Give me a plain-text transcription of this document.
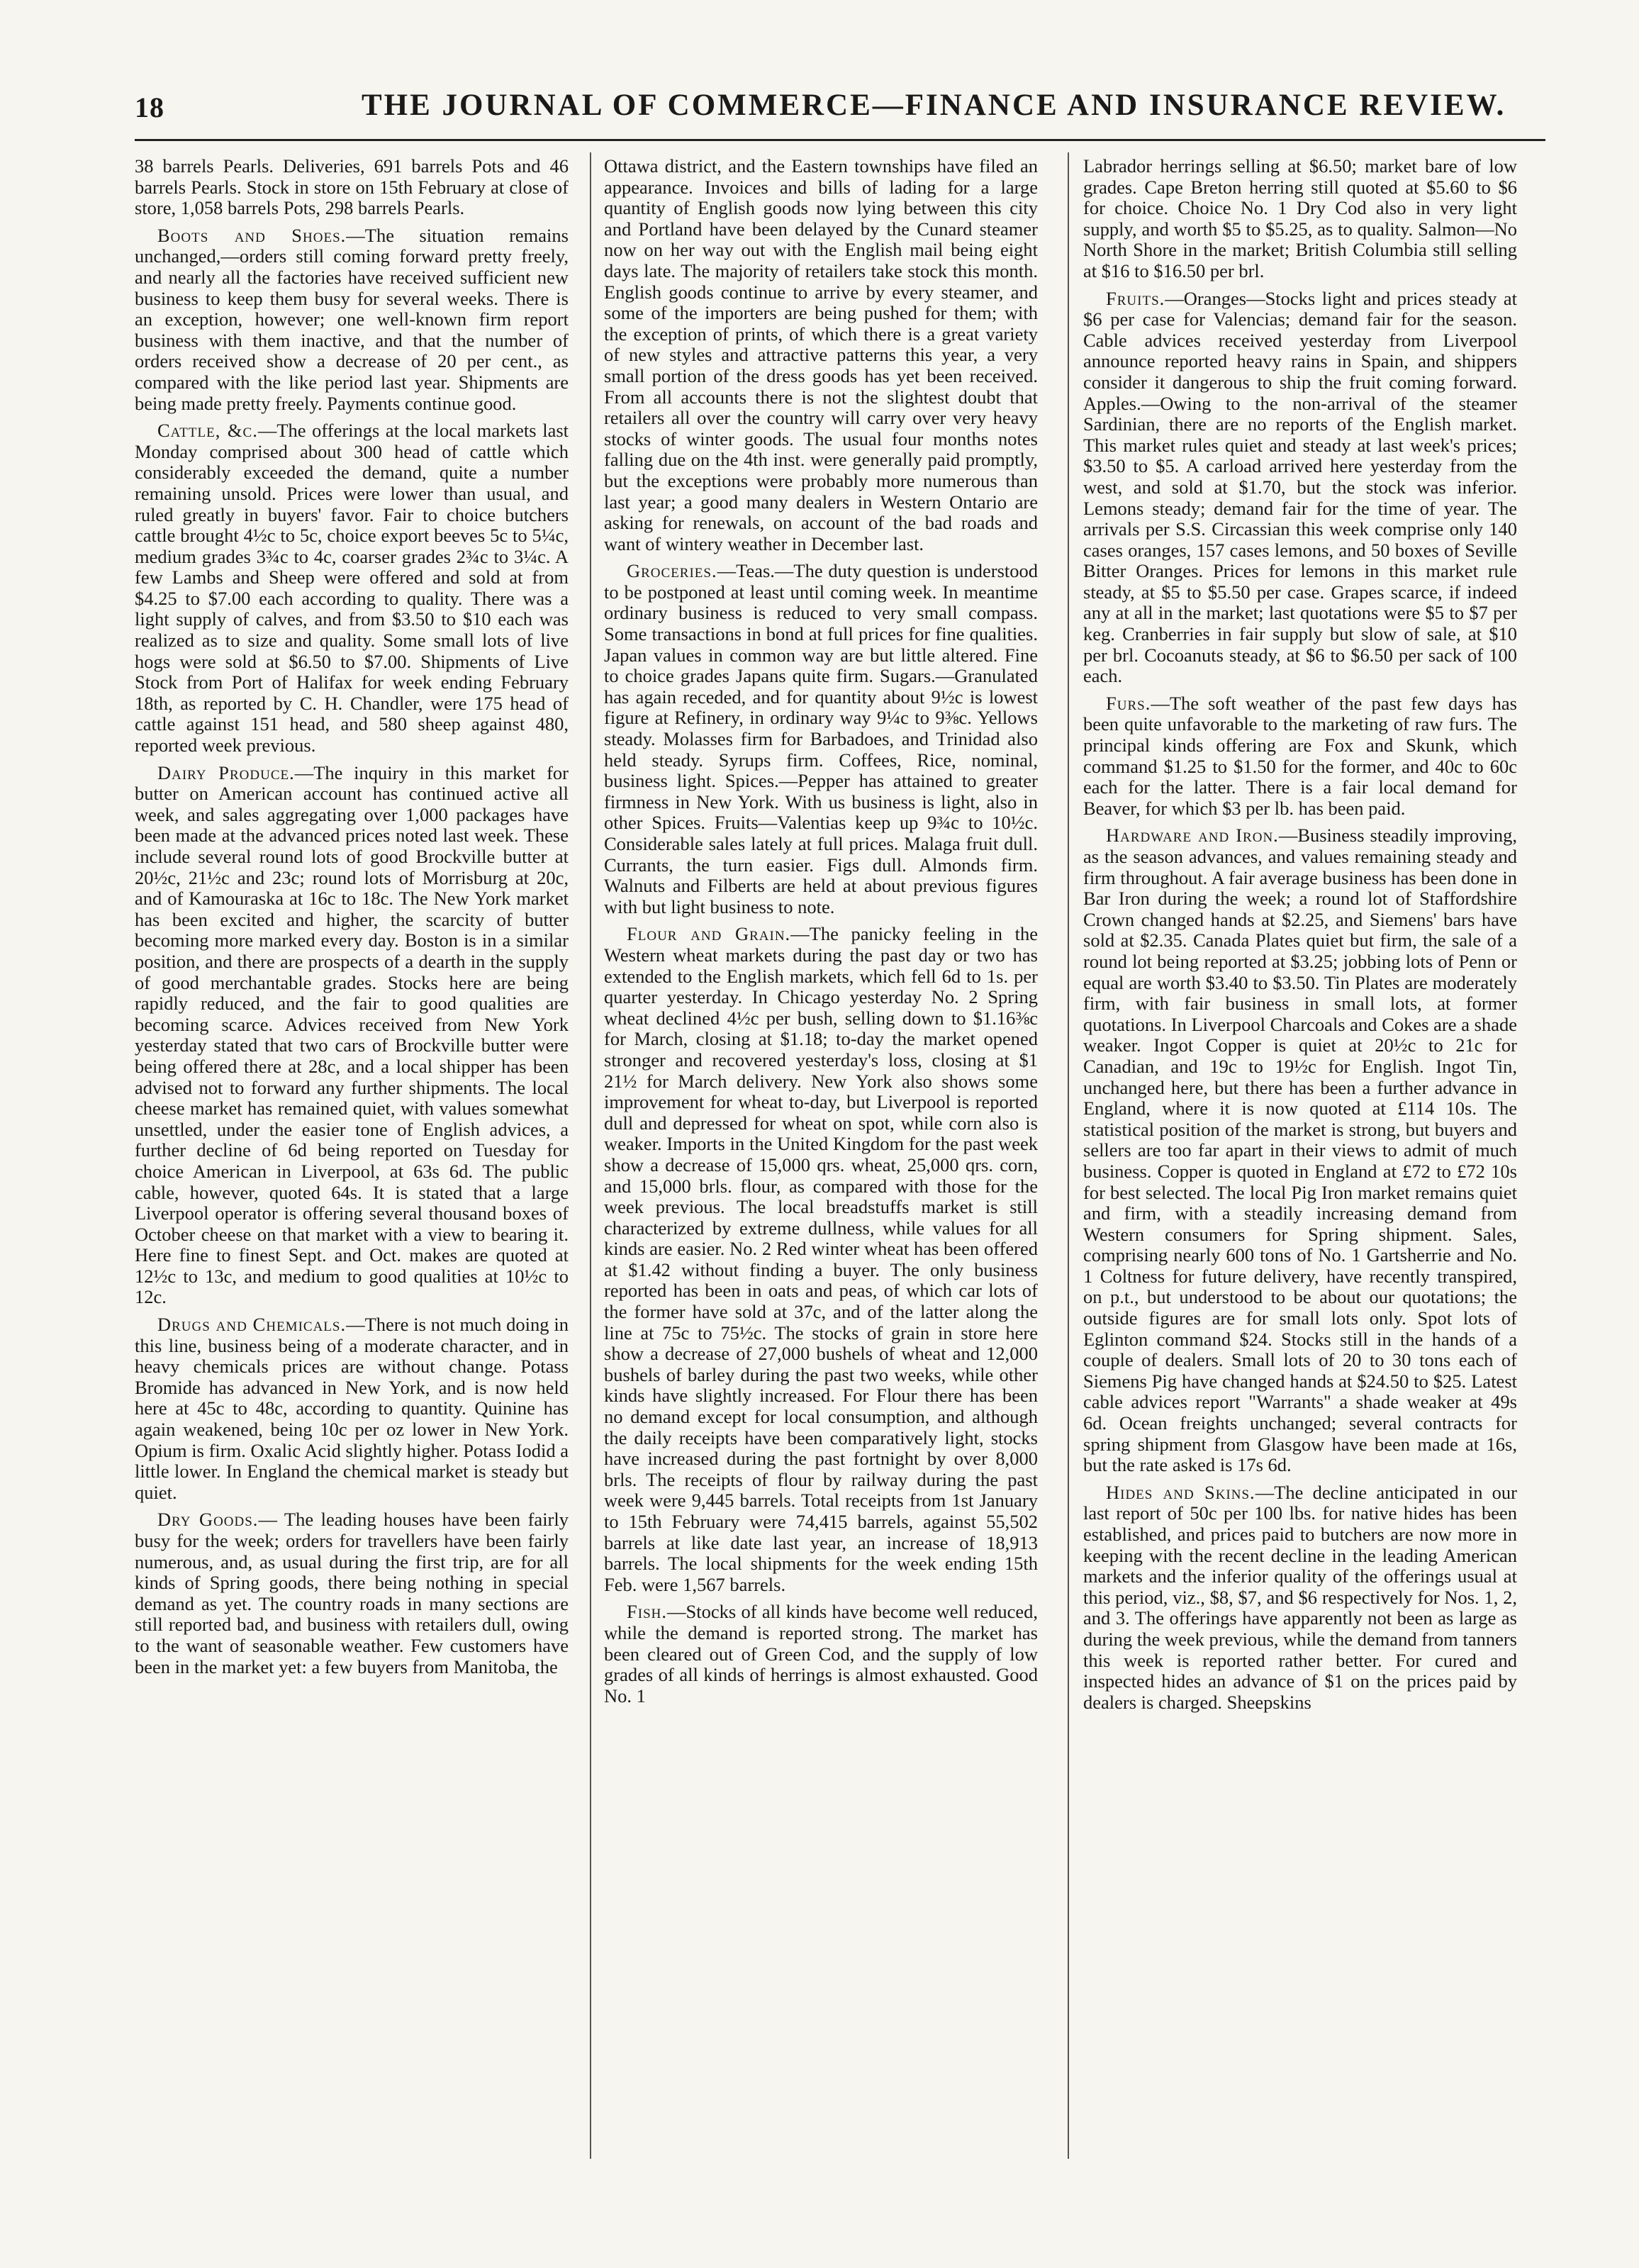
18	THE JOURNAL OF COMMERCE—FINANCE AND INSURANCE REVIEW.

38 barrels Pearls. Deliveries, 691 barrels Pots and 46 barrels Pearls. Stock in store on 15th February at close of store, 1,058 barrels Pots, 298 barrels Pearls.

Boots and Shoes.—The situation remains unchanged,—orders still coming forward pretty freely, and nearly all the factories have received sufficient new business to keep them busy for several weeks. There is an exception, however; one well-known firm report business with them inactive, and that the number of orders received show a decrease of 20 per cent., as compared with the like period last year. Shipments are being made pretty freely. Payments continue good.

Cattle, &c.—The offerings at the local markets last Monday comprised about 300 head of cattle which considerably exceeded the demand, quite a number remaining unsold. Prices were lower than usual, and ruled greatly in buyers' favor. Fair to choice butchers cattle brought 4½c to 5c, choice export beeves 5c to 5¼c, medium grades 3¾c to 4c, coarser grades 2¾c to 3¼c. A few Lambs and Sheep were offered and sold at from $4.25 to $7.00 each according to quality. There was a light supply of calves, and from $3.50 to $10 each was realized as to size and quality. Some small lots of live hogs were sold at $6.50 to $7.00. Shipments of Live Stock from Port of Halifax for week ending February 18th, as reported by C. H. Chandler, were 175 head of cattle against 151 head, and 580 sheep against 480, reported week previous.

Dairy Produce.—The inquiry in this market for butter on American account has continued active all week, and sales aggregating over 1,000 packages have been made at the advanced prices noted last week. These include several round lots of good Brockville butter at 20½c, 21½c and 23c; round lots of Morrisburg at 20c, and of Kamouraska at 16c to 18c. The New York market has been excited and higher, the scarcity of butter becoming more marked every day. Boston is in a similar position, and there are prospects of a dearth in the supply of good merchantable grades. Stocks here are being rapidly reduced, and the fair to good qualities are becoming scarce. Advices received from New York yesterday stated that two cars of Brockville butter were being offered there at 28c, and a local shipper has been advised not to forward any further shipments. The local cheese market has remained quiet, with values somewhat unsettled, under the easier tone of English advices, a further decline of 6d being reported on Tuesday for choice American in Liverpool, at 63s 6d. The public cable, however, quoted 64s. It is stated that a large Liverpool operator is offering several thousand boxes of October cheese on that market with a view to bearing it. Here fine to finest Sept. and Oct. makes are quoted at 12½c to 13c, and medium to good qualities at 10½c to 12c.

Drugs and Chemicals.—There is not much doing in this line, business being of a moderate character, and in heavy chemicals prices are without change. Potass Bromide has advanced in New York, and is now held here at 45c to 48c, according to quantity. Quinine has again weakened, being 10c per oz lower in New York. Opium is firm. Oxalic Acid slightly higher. Potass Iodid a little lower. In England the chemical market is steady but quiet.

Dry Goods.— The leading houses have been fairly busy for the week; orders for travellers have been fairly numerous, and, as usual during the first trip, are for all kinds of Spring goods, there being nothing in special demand as yet. The country roads in many sections are still reported bad, and business with retailers dull, owing to the want of seasonable weather. Few customers have been in the market yet: a few buyers from Manitoba, the

Ottawa district, and the Eastern townships have filed an appearance. Invoices and bills of lading for a large quantity of English goods now lying between this city and Portland have been delayed by the Cunard steamer now on her way out with the English mail being eight days late. The majority of retailers take stock this month. English goods continue to arrive by every steamer, and some of the importers are being pushed for them; with the exception of prints, of which there is a great variety of new styles and attractive patterns this year, a very small portion of the dress goods has yet been received. From all accounts there is not the slightest doubt that retailers all over the country will carry over very heavy stocks of winter goods. The usual four months notes falling due on the 4th inst. were generally paid promptly, but the exceptions were probably more numerous than last year; a good many dealers in Western Ontario are asking for renewals, on account of the bad roads and want of wintery weather in December last.

Groceries.—Teas.—The duty question is understood to be postponed at least until coming week. In meantime ordinary business is reduced to very small compass. Some transactions in bond at full prices for fine qualities. Japan values in common way are but little altered. Fine to choice grades Japans quite firm. Sugars.—Granulated has again receded, and for quantity about 9½c is lowest figure at Refinery, in ordinary way 9¼c to 9⅜c. Yellows steady. Molasses firm for Barbadoes, and Trinidad also held steady. Syrups firm. Coffees, Rice, nominal, business light. Spices.—Pepper has attained to greater firmness in New York. With us business is light, also in other Spices. Fruits—Valentias keep up 9¾c to 10½c. Considerable sales lately at full prices. Malaga fruit dull. Currants, the turn easier. Figs dull. Almonds firm. Walnuts and Filberts are held at about previous figures with but light business to note.

Flour and Grain.—The panicky feeling in the Western wheat markets during the past day or two has extended to the English markets, which fell 6d to 1s. per quarter yesterday. In Chicago yesterday No. 2 Spring wheat declined 4½c per bush, selling down to $1.16⅜c for March, closing at $1.18; to-day the market opened stronger and recovered yesterday's loss, closing at $1 21½ for March delivery. New York also shows some improvement for wheat to-day, but Liverpool is reported dull and depressed for wheat on spot, while corn also is weaker. Imports in the United Kingdom for the past week show a decrease of 15,000 qrs. wheat, 25,000 qrs. corn, and 15,000 brls. flour, as compared with those for the week previous. The local breadstuffs market is still characterized by extreme dullness, while values for all kinds are easier. No. 2 Red winter wheat has been offered at $1.42 without finding a buyer. The only business reported has been in oats and peas, of which car lots of the former have sold at 37c, and of the latter along the line at 75c to 75½c. The stocks of grain in store here show a decrease of 27,000 bushels of wheat and 12,000 bushels of barley during the past two weeks, while other kinds have slightly increased. For Flour there has been no demand except for local consumption, and although the daily receipts have been comparatively light, stocks have increased during the past fortnight by over 8,000 brls. The receipts of flour by railway during the past week were 9,445 barrels. Total receipts from 1st January to 15th February were 74,415 barrels, against 55,502 barrels at like date last year, an increase of 18,913 barrels. The local shipments for the week ending 15th Feb. were 1,567 barrels.

Fish.—Stocks of all kinds have become well reduced, while the demand is reported strong. The market has been cleared out of Green Cod, and the supply of low grades of all kinds of herrings is almost exhausted. Good No. 1

Labrador herrings selling at $6.50; market bare of low grades. Cape Breton herring still quoted at $5.60 to $6 for choice. Choice No. 1 Dry Cod also in very light supply, and worth $5 to $5.25, as to quality. Salmon—No North Shore in the market; British Columbia still selling at $16 to $16.50 per brl.

Fruits.—Oranges—Stocks light and prices steady at $6 per case for Valencias; demand fair for the season. Cable advices received yesterday from Liverpool announce reported heavy rains in Spain, and shippers consider it dangerous to ship the fruit coming forward. Apples.—Owing to the non-arrival of the steamer Sardinian, there are no reports of the English market. This market rules quiet and steady at last week's prices; $3.50 to $5. A carload arrived here yesterday from the west, and sold at $1.70, but the stock was inferior. Lemons steady; demand fair for the time of year. The arrivals per S.S. Circassian this week comprise only 140 cases oranges, 157 cases lemons, and 50 boxes of Seville Bitter Oranges. Prices for lemons in this market rule steady, at $5 to $5.50 per case. Grapes scarce, if indeed any at all in the market; last quotations were $5 to $7 per keg. Cranberries in fair supply but slow of sale, at $10 per brl. Cocoanuts steady, at $6 to $6.50 per sack of 100 each.

Furs.—The soft weather of the past few days has been quite unfavorable to the marketing of raw furs. The principal kinds offering are Fox and Skunk, which command $1.25 to $1.50 for the former, and 40c to 60c each for the latter. There is a fair local demand for Beaver, for which $3 per lb. has been paid.

Hardware and Iron.—Business steadily improving, as the season advances, and values remaining steady and firm throughout. A fair average business has been done in Bar Iron during the week; a round lot of Staffordshire Crown changed hands at $2.25, and Siemens' bars have sold at $2.35. Canada Plates quiet but firm, the sale of a round lot being reported at $3.25; jobbing lots of Penn or equal are worth $3.40 to $3.50. Tin Plates are moderately firm, with fair business in small lots, at former quotations. In Liverpool Charcoals and Cokes are a shade weaker. Ingot Copper is quiet at 20½c to 21c for Canadian, and 19c to 19½c for English. Ingot Tin, unchanged here, but there has been a further advance in England, where it is now quoted at £114 10s. The statistical position of the market is strong, but buyers and sellers are too far apart in their views to admit of much business. Copper is quoted in England at £72 to £72 10s for best selected. The local Pig Iron market remains quiet and firm, with a steadily increasing demand from Western consumers for Spring shipment. Sales, comprising nearly 600 tons of No. 1 Gartsherrie and No. 1 Coltness for future delivery, have recently transpired, on p.t., but understood to be about our quotations; the outside figures are for small lots only. Spot lots of Eglinton command $24. Stocks still in the hands of a couple of dealers. Small lots of 20 to 30 tons each of Siemens Pig have changed hands at $24.50 to $25. Latest cable advices report "Warrants" a shade weaker at 49s 6d. Ocean freights unchanged; several contracts for spring shipment from Glasgow have been made at 16s, but the rate asked is 17s 6d.

Hides and Skins.—The decline anticipated in our last report of 50c per 100 lbs. for native hides has been established, and prices paid to butchers are now more in keeping with the recent decline in the leading American markets and the inferior quality of the offerings usual at this period, viz., $8, $7, and $6 respectively for Nos. 1, 2, and 3. The offerings have apparently not been as large as during the week previous, while the demand from tanners this week is reported rather better. For cured and inspected hides an advance of $1 on the prices paid by dealers is charged. Sheepskins
